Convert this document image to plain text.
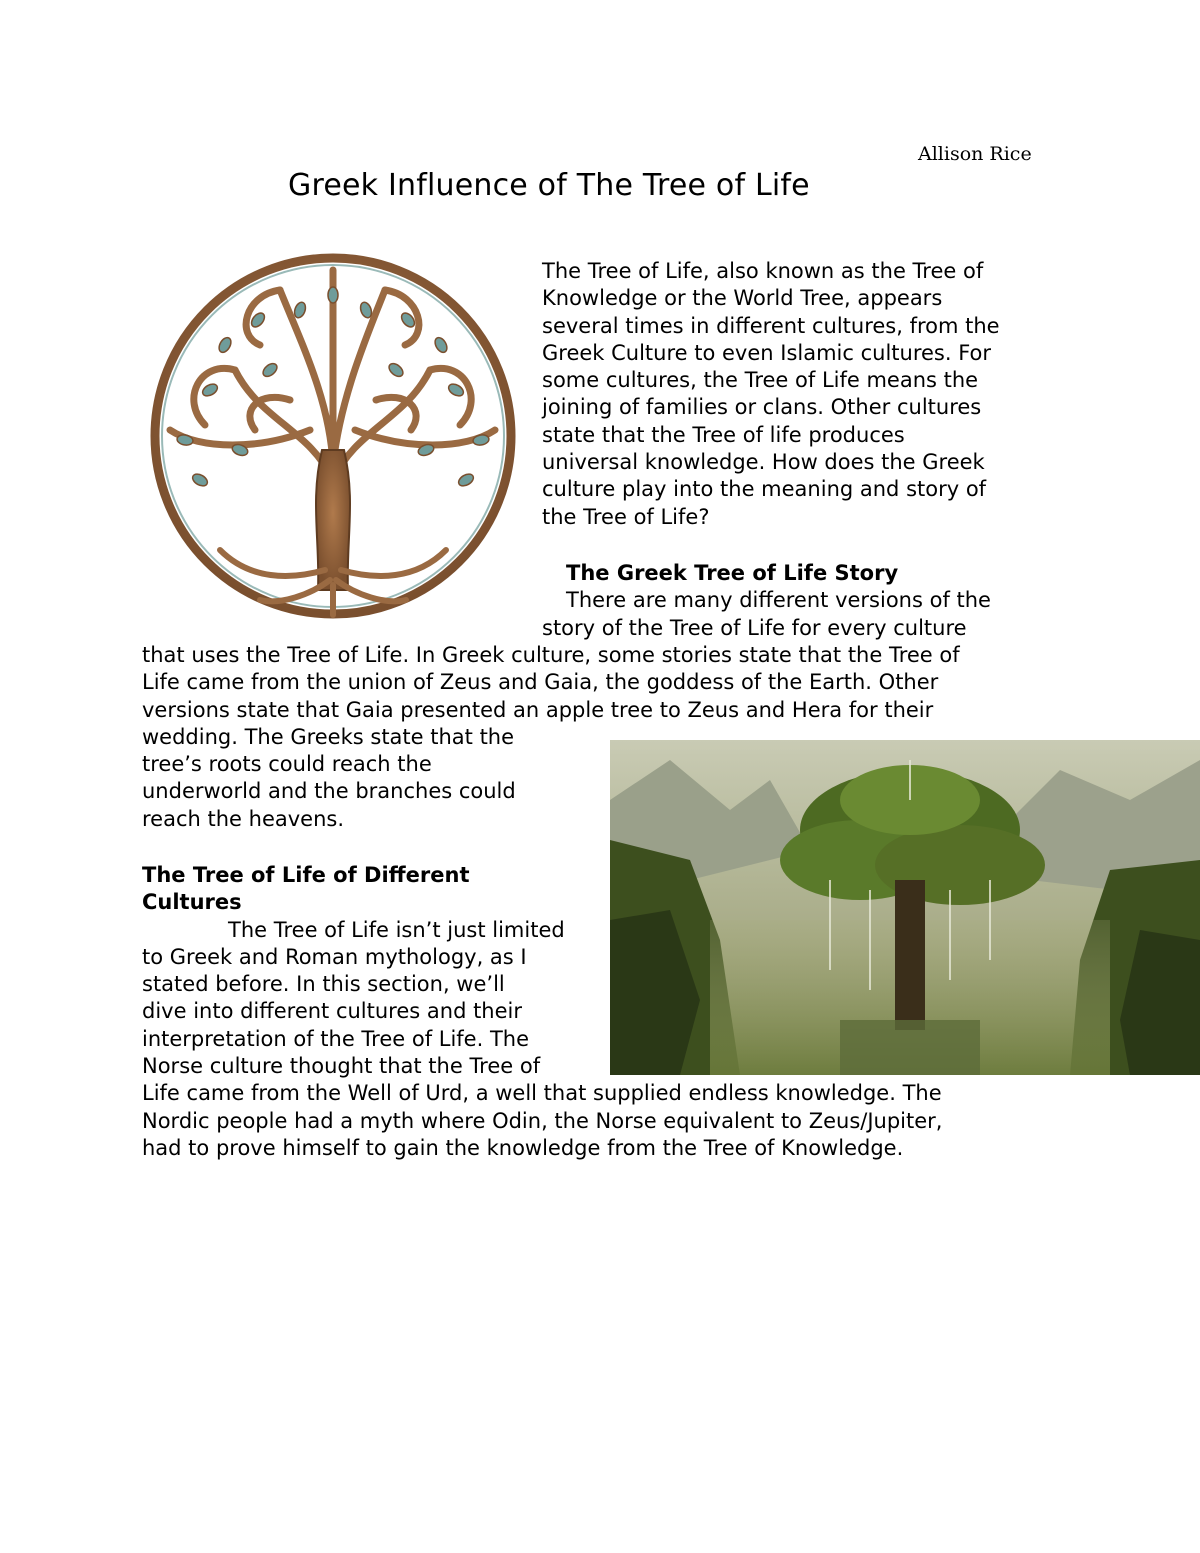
Allison Rice
Greek Influence of The Tree of Life
The Tree of Life, also known as the Tree of
Knowledge or the World Tree, appears
several times in different cultures, from the
Greek Culture to even Islamic cultures. For
some cultures, the Tree of Life means the
joining of families or clans. Other cultures
state that the Tree of life produces
universal knowledge. How does the Greek
culture play into the meaning and story of
the Tree of Life?
The Greek Tree of Life Story
There are many different versions of the
story of the Tree of Life for every culture
that uses the Tree of Life. In Greek culture, some stories state that the Tree of
Life came from the union of Zeus and Gaia, the goddess of the Earth. Other
versions state that Gaia presented an apple tree to Zeus and Hera for their
wedding. The Greeks state that the
tree’s roots could reach the
underworld and the branches could
reach the heavens.
The Tree of Life of Different
Cultures
The Tree of Life isn’t just limited
to Greek and Roman mythology, as I
stated before. In this section, we’ll
dive into different cultures and their
interpretation of the Tree of Life. The
Norse culture thought that the Tree of
Life came from the Well of Urd, a well that supplied endless knowledge. The
Nordic people had a myth where Odin, the Norse equivalent to Zeus/Jupiter,
had to prove himself to gain the knowledge from the Tree of Knowledge.
